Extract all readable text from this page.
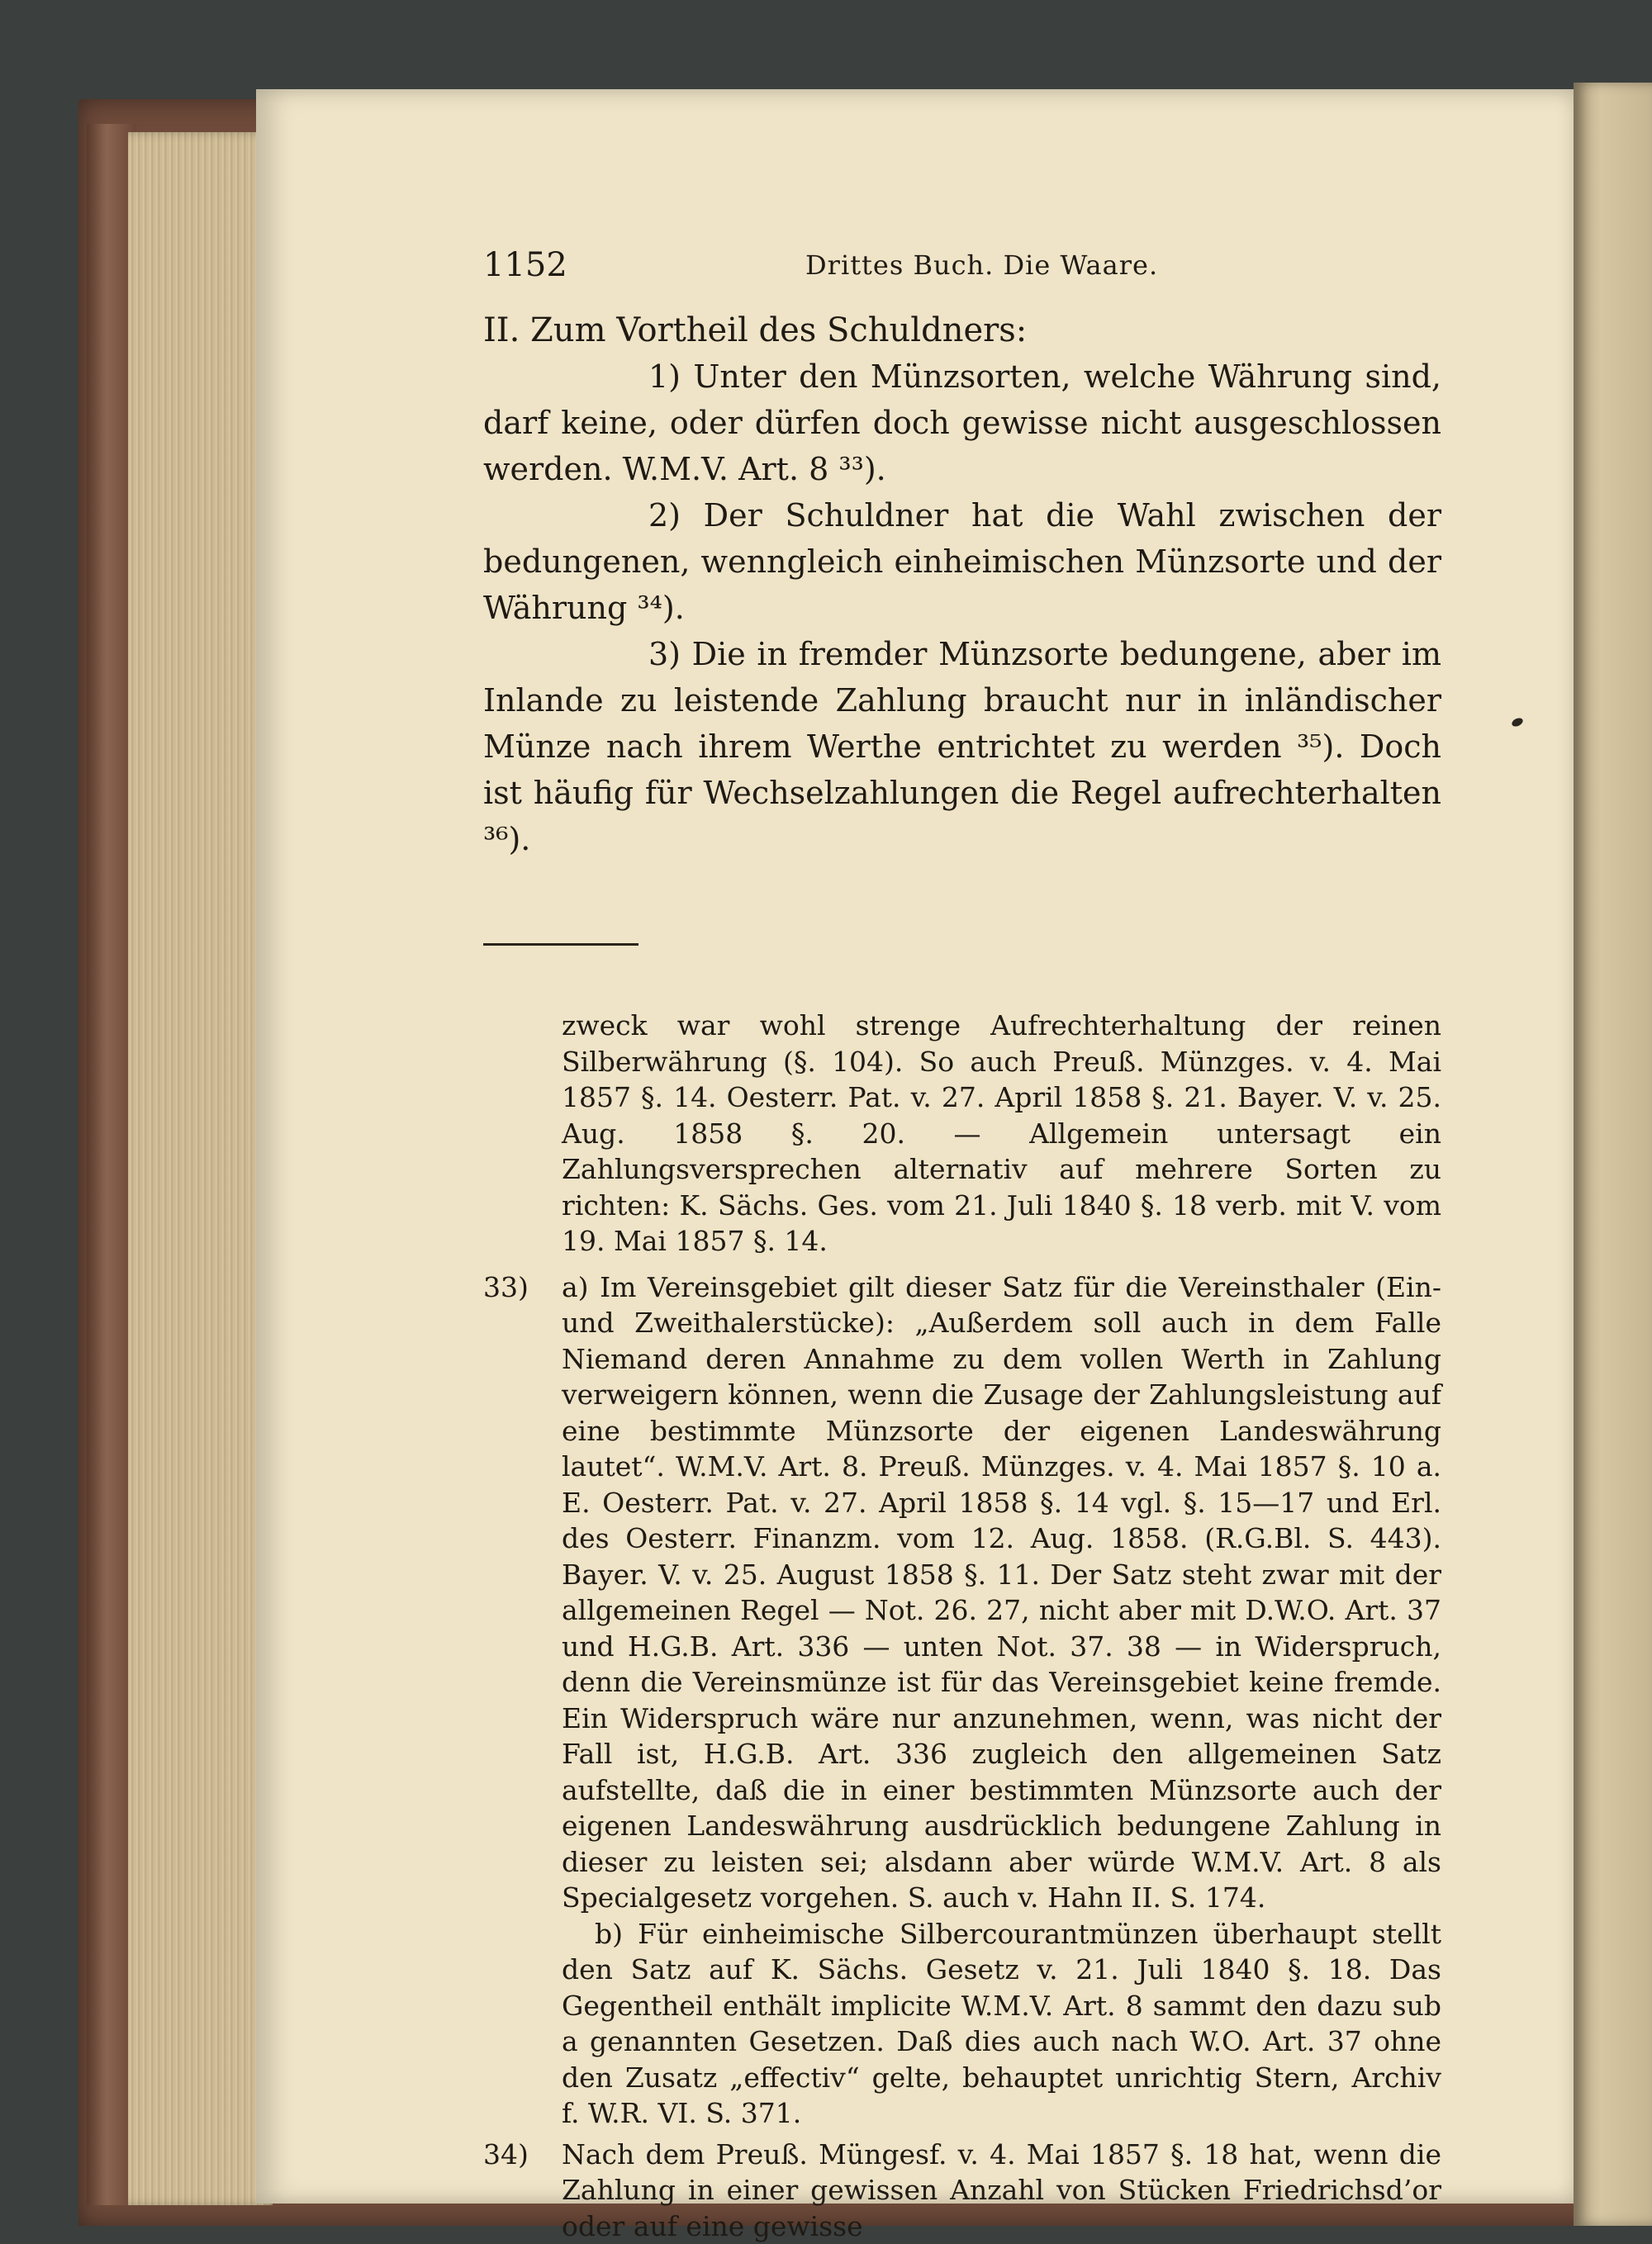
1152	Drittes Buch. Die Waare.

II. Zum Vortheil des Schuldners:

1) Unter den Münzsorten, welche Währung sind, darf keine, oder dürfen doch gewisse nicht ausgeschlossen werden. W.M.V. Art. 8 ³³).

2) Der Schuldner hat die Wahl zwischen der bedungenen, wenngleich einheimischen Münzsorte und der Währung ³⁴).

3) Die in fremder Münzsorte bedungene, aber im Inlande zu leistende Zahlung braucht nur in inländischer Münze nach ihrem Werthe entrichtet zu werden ³⁵). Doch ist häufig für Wechselzahlungen die Regel aufrechterhalten ³⁶).

zweck war wohl strenge Aufrechterhaltung der reinen Silberwährung (§. 104). So auch Preuß. Münzges. v. 4. Mai 1857 §. 14. Oesterr. Pat. v. 27. April 1858 §. 21. Bayer. V. v. 25. Aug. 1858 §. 20. — Allgemein untersagt ein Zahlungsversprechen alternativ auf mehrere Sorten zu richten: K. Sächs. Ges. vom 21. Juli 1840 §. 18 verb. mit V. vom 19. Mai 1857 §. 14.

33) a) Im Vereinsgebiet gilt dieser Satz für die Vereinsthaler (Ein- und Zweithalerstücke): „Außerdem soll auch in dem Falle Niemand deren Annahme zu dem vollen Werth in Zahlung verweigern können, wenn die Zusage der Zahlungsleistung auf eine bestimmte Münzsorte der eigenen Landeswährung lautet“. W.M.V. Art. 8. Preuß. Münzges. v. 4. Mai 1857 §. 10 a. E. Oesterr. Pat. v. 27. April 1858 §. 14 vgl. §. 15—17 und Erl. des Oesterr. Finanzm. vom 12. Aug. 1858. (R.G.Bl. S. 443). Bayer. V. v. 25. August 1858 §. 11. Der Satz steht zwar mit der allgemeinen Regel — Not. 26. 27, nicht aber mit D.W.O. Art. 37 und H.G.B. Art. 336 — unten Not. 37. 38 — in Widerspruch, denn die Vereinsmünze ist für das Vereinsgebiet keine fremde. Ein Widerspruch wäre nur anzunehmen, wenn, was nicht der Fall ist, H.G.B. Art. 336 zugleich den allgemeinen Satz aufstellte, daß die in einer bestimmten Münzsorte auch der eigenen Landeswährung ausdrücklich bedungene Zahlung in dieser zu leisten sei; alsdann aber würde W.M.V. Art. 8 als Specialgesetz vorgehen. S. auch v. Hahn II. S. 174.

b) Für einheimische Silbercourantmünzen überhaupt stellt den Satz auf K. Sächs. Gesetz v. 21. Juli 1840 §. 18. Das Gegentheil enthält implicite W.M.V. Art. 8 sammt den dazu sub a genannten Gesetzen. Daß dies auch nach W.O. Art. 37 ohne den Zusatz „effectiv“ gelte, behauptet unrichtig Stern, Archiv f. W.R. VI. S. 371.

34) Nach dem Preuß. Müngesf. v. 4. Mai 1857 §. 18 hat, wenn die Zahlung in einer gewissen Anzahl von Stücken Friedrichsd’or oder auf eine gewisse
